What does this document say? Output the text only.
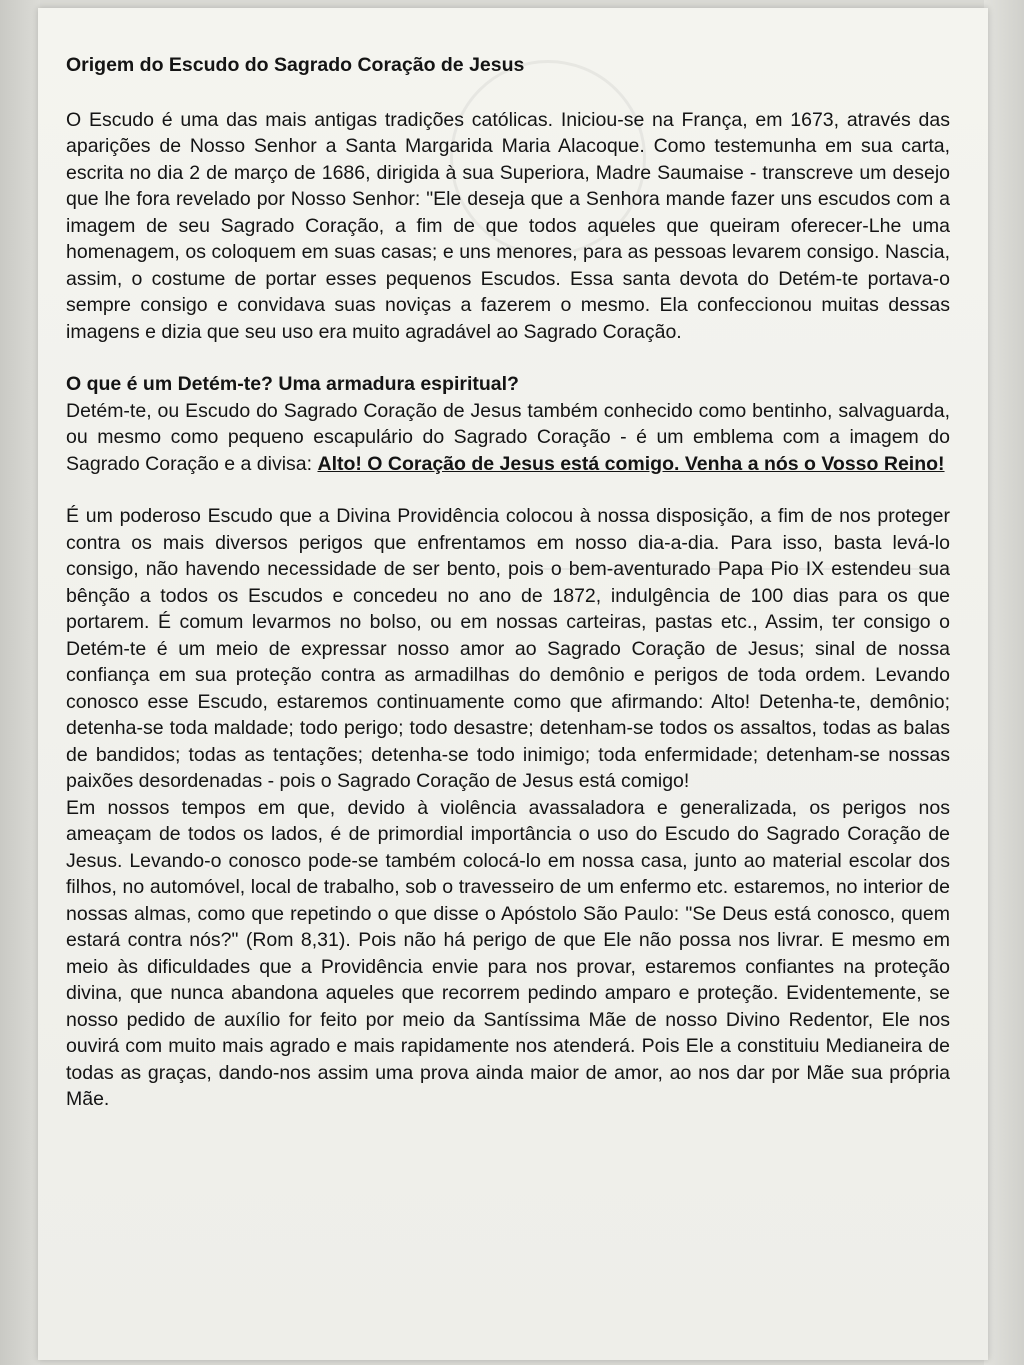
Origem do Escudo do Sagrado Coração de Jesus

O Escudo é uma das mais antigas tradições católicas. Iniciou-se na França, em 1673, através das aparições de Nosso Senhor a Santa Margarida Maria Alacoque. Como testemunha em sua carta, escrita no dia 2 de março de 1686, dirigida à sua Superiora, Madre Saumaise - transcreve um desejo que lhe fora revelado por Nosso Senhor: "Ele deseja que a Senhora mande fazer uns escudos com a imagem de seu Sagrado Coração, a fim de que todos aqueles que queiram oferecer-Lhe uma homenagem, os coloquem em suas casas; e uns menores, para as pessoas levarem consigo. Nascia, assim, o costume de portar esses pequenos Escudos. Essa santa devota do Detém-te portava-o sempre consigo e convidava suas noviças a fazerem o mesmo. Ela confeccionou muitas dessas imagens e dizia que seu uso era muito agradável ao Sagrado Coração.

O que é um Detém-te? Uma armadura espiritual?

Detém-te, ou Escudo do Sagrado Coração de Jesus também conhecido como bentinho, salvaguarda, ou mesmo como pequeno escapulário do Sagrado Coração - é um emblema com a imagem do Sagrado Coração e a divisa: Alto! O Coração de Jesus está comigo. Venha a nós o Vosso Reino!

É um poderoso Escudo que a Divina Providência colocou à nossa disposição, a fim de nos proteger contra os mais diversos perigos que enfrentamos em nosso dia-a-dia. Para isso, basta levá-lo consigo, não havendo necessidade de ser bento, pois o bem-aventurado Papa Pio IX estendeu sua bênção a todos os Escudos e concedeu no ano de 1872, indulgência de 100 dias para os que portarem. É comum levarmos no bolso, ou em nossas carteiras, pastas etc., Assim, ter consigo o Detém-te é um meio de expressar nosso amor ao Sagrado Coração de Jesus; sinal de nossa confiança em sua proteção contra as armadilhas do demônio e perigos de toda ordem. Levando conosco esse Escudo, estaremos continuamente como que afirmando: Alto! Detenha-te, demônio; detenha-se toda maldade; todo perigo; todo desastre; detenham-se todos os assaltos, todas as balas de bandidos; todas as tentações; detenha-se todo inimigo; toda enfermidade; detenham-se nossas paixões desordenadas - pois o Sagrado Coração de Jesus está comigo!

Em nossos tempos em que, devido à violência avassaladora e generalizada, os perigos nos ameaçam de todos os lados, é de primordial importância o uso do Escudo do Sagrado Coração de Jesus. Levando-o conosco pode-se também colocá-lo em nossa casa, junto ao material escolar dos filhos, no automóvel, local de trabalho, sob o travesseiro de um enfermo etc. estaremos, no interior de nossas almas, como que repetindo o que disse o Apóstolo São Paulo: "Se Deus está conosco, quem estará contra nós?" (Rom 8,31). Pois não há perigo de que Ele não possa nos livrar. E mesmo em meio às dificuldades que a Providência envie para nos provar, estaremos confiantes na proteção divina, que nunca abandona aqueles que recorrem pedindo amparo e proteção. Evidentemente, se nosso pedido de auxílio for feito por meio da Santíssima Mãe de nosso Divino Redentor, Ele nos ouvirá com muito mais agrado e mais rapidamente nos atenderá. Pois Ele a constituiu Medianeira de todas as graças, dando-nos assim uma prova ainda maior de amor, ao nos dar por Mãe sua própria Mãe.
